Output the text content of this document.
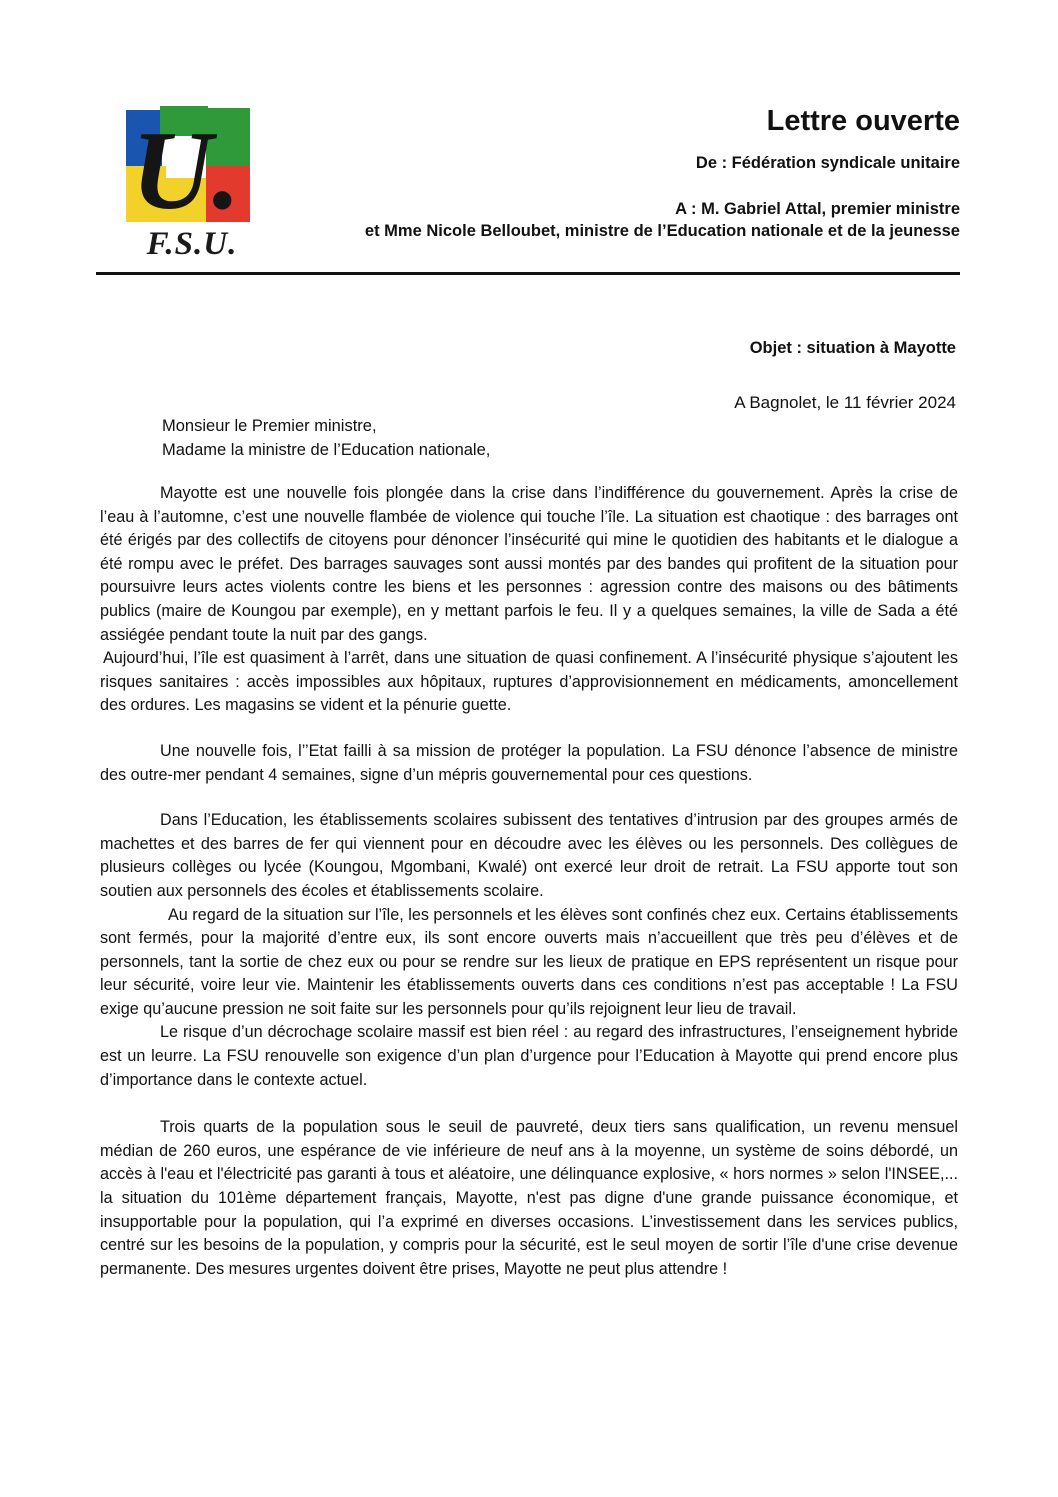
U.
F.S.U.
Lettre ouverte
De : Fédération syndicale unitaire
A : M. Gabriel Attal, premier ministre
et Mme Nicole Belloubet, ministre de l’Education nationale et de la jeunesse
Objet : situation à Mayotte
A Bagnolet, le 11 février 2024
Monsieur le Premier ministre,
Madame la ministre de l’Education nationale,

Mayotte est une nouvelle fois plongée dans la crise dans l’indifférence du gouvernement. Après la crise de l’eau à l’automne, c’est une nouvelle flambée de violence qui touche l’île. La situation est chaotique : des barrages ont été érigés par des collectifs de citoyens pour dénoncer l’insécurité qui mine le quotidien des habitants et le dialogue a été rompu avec le préfet. Des barrages sauvages sont aussi montés par des bandes qui profitent de la situation pour poursuivre leurs actes violents contre les biens et les personnes : agression contre des maisons ou des bâtiments publics (maire de Koungou par exemple), en y mettant parfois le feu. Il y a quelques semaines, la ville de Sada a été assiégée pendant toute la nuit par des gangs.

Aujourd’hui, l’île est quasiment à l’arrêt, dans une situation de quasi confinement. A l’insécurité physique s’ajoutent les risques sanitaires : accès impossibles aux hôpitaux, ruptures d’approvisionnement en médicaments, amoncellement des ordures. Les magasins se vident et la pénurie guette.

Une nouvelle fois, l’’Etat failli à sa mission de protéger la population. La FSU dénonce l’absence de ministre des outre-mer pendant 4 semaines, signe d’un mépris gouvernemental pour ces questions.

Dans l’Education, les établissements scolaires subissent des tentatives d’intrusion par des groupes armés de machettes et des barres de fer qui viennent pour en découdre avec les élèves ou les personnels. Des collègues de plusieurs collèges ou lycée (Koungou, Mgombani, Kwalé) ont exercé leur droit de retrait. La FSU apporte tout son soutien aux personnels des écoles et établissements scolaire.

Au regard de la situation sur l’île, les personnels et les élèves sont confinés chez eux. Certains établissements sont fermés, pour la majorité d’entre eux, ils sont encore ouverts mais n’accueillent que très peu d’élèves et de personnels, tant la sortie de chez eux ou pour se rendre sur les lieux de pratique en EPS représentent un risque pour leur sécurité, voire leur vie. Maintenir les établissements ouverts dans ces conditions n’est pas acceptable ! La FSU exige qu’aucune pression ne soit faite sur les personnels pour qu’ils rejoignent leur lieu de travail.

Le risque d’un décrochage scolaire massif est bien réel : au regard des infrastructures, l’enseignement hybride est un leurre. La FSU renouvelle son exigence d’un plan d’urgence pour l’Education à Mayotte qui prend encore plus d’importance dans le contexte actuel.

Trois quarts de la population sous le seuil de pauvreté, deux tiers sans qualification, un revenu mensuel médian de 260 euros, une espérance de vie inférieure de neuf ans à la moyenne, un système de soins débordé, un accès à l'eau et l'électricité pas garanti à tous et aléatoire, une délinquance explosive, « hors normes » selon l'INSEE,... la situation du 101ème département français, Mayotte, n'est pas digne d'une grande puissance économique, et insupportable pour la population, qui l’a exprimé en diverses occasions. L’investissement dans les services publics, centré sur les besoins de la population, y compris pour la sécurité, est le seul moyen de sortir l’île d'une crise devenue permanente. Des mesures urgentes doivent être prises, Mayotte ne peut plus attendre !
